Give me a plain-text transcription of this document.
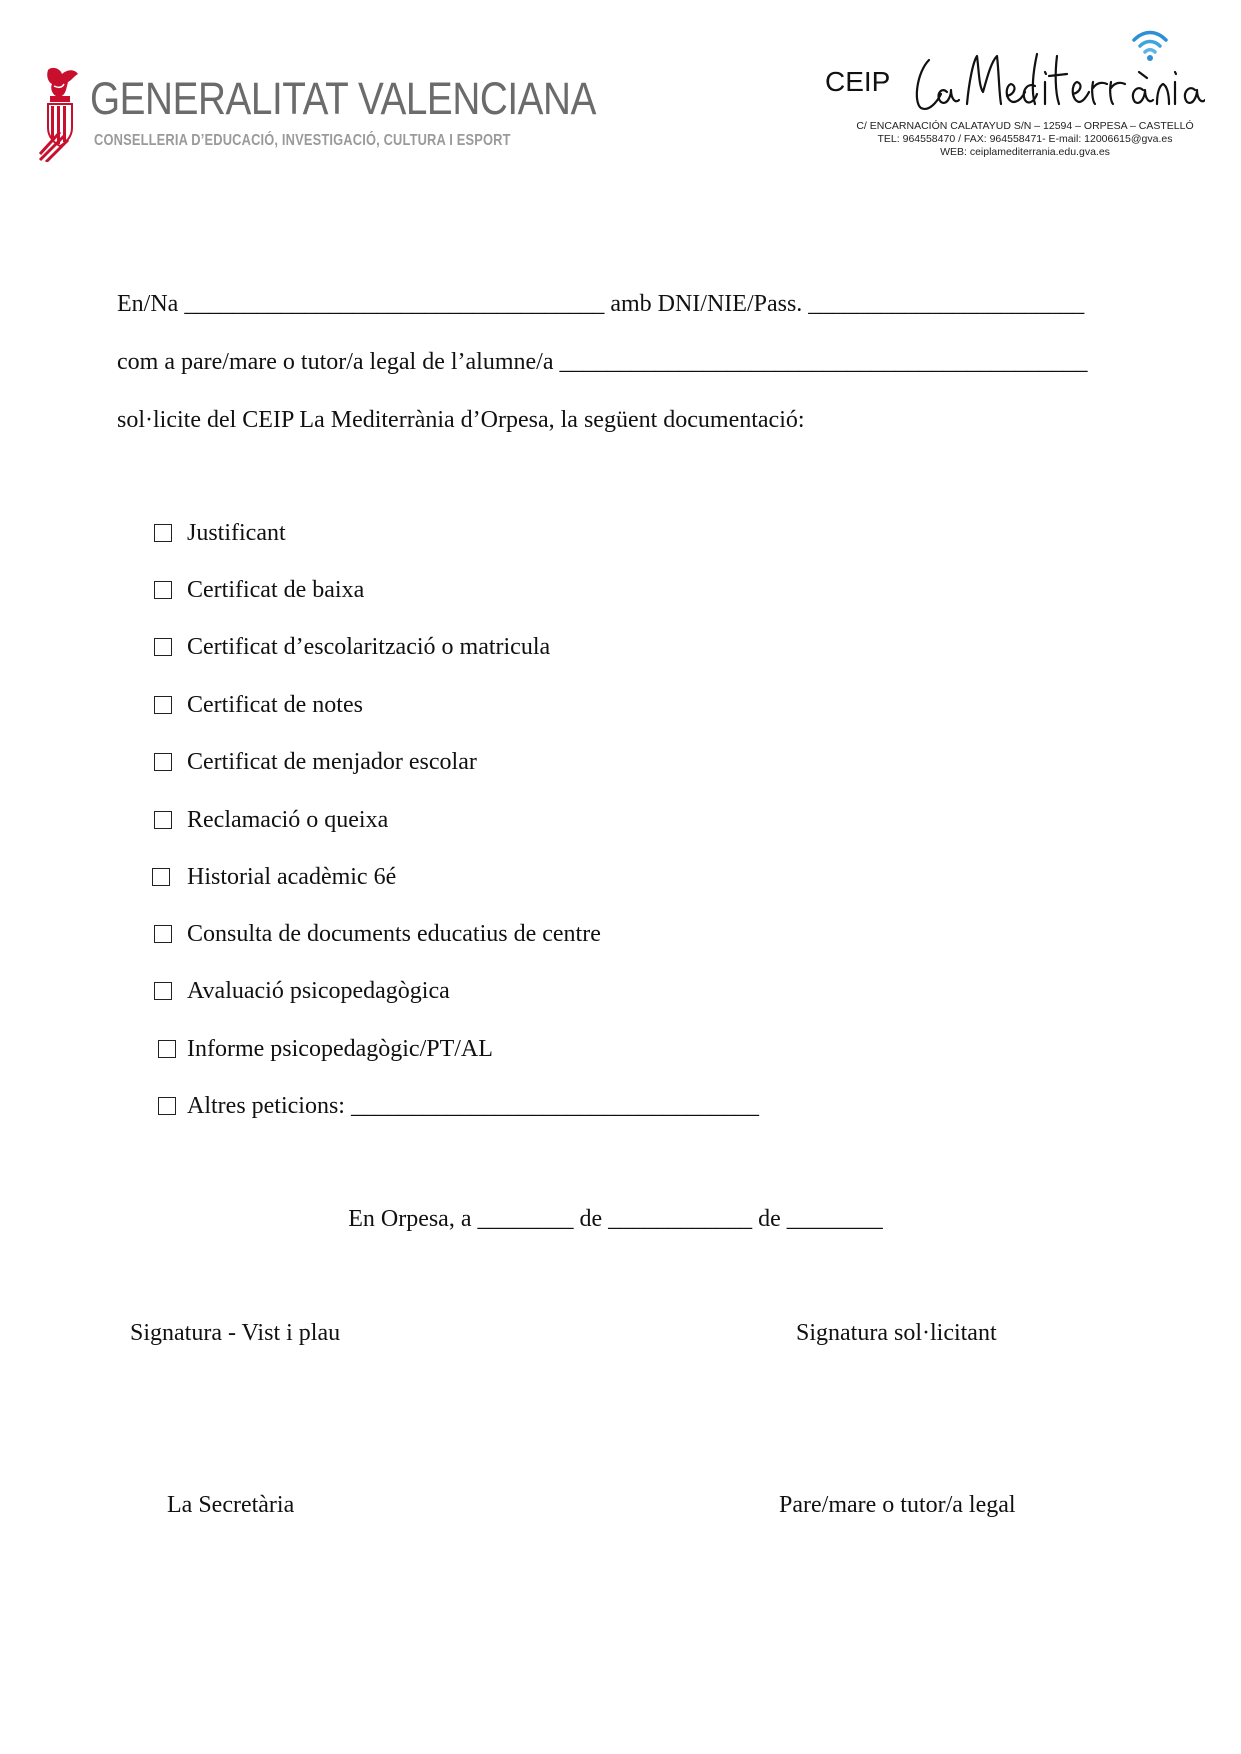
GENERALITAT VALENCIANA
CONSELLERIA D’EDUCACIÓ, INVESTIGACIÓ, CULTURA I ESPORT
CEIP
C/ ENCARNACIÓN CALATAYUD S/N – 12594 – ORPESA – CASTELLÓ
TEL: 964558470 / FAX: 964558471- E-mail: 12006615@gva.es
WEB: ceiplamediterrania.edu.gva.es
En/Na ___________________________________ amb DNI/NIE/Pass. _______________________
com a pare/mare o tutor/a legal de l’alumne/a ____________________________________________
sol·licite del CEIP La Mediterrània d’Orpesa, la següent documentació:
Justificant
Certificat de baixa
Certificat d’escolarització o matricula
Certificat de notes
Certificat de menjador escolar
Reclamació o queixa
Historial acadèmic 6é
Consulta de documents educatius de centre
Avaluació psicopedagògica
Informe psicopedagògic/PT/AL
Altres peticions: __________________________________
En Orpesa, a ________ de ____________ de ________
Signatura - Vist i plau	Signatura sol·licitant
La Secretària	Pare/mare o tutor/a legal
